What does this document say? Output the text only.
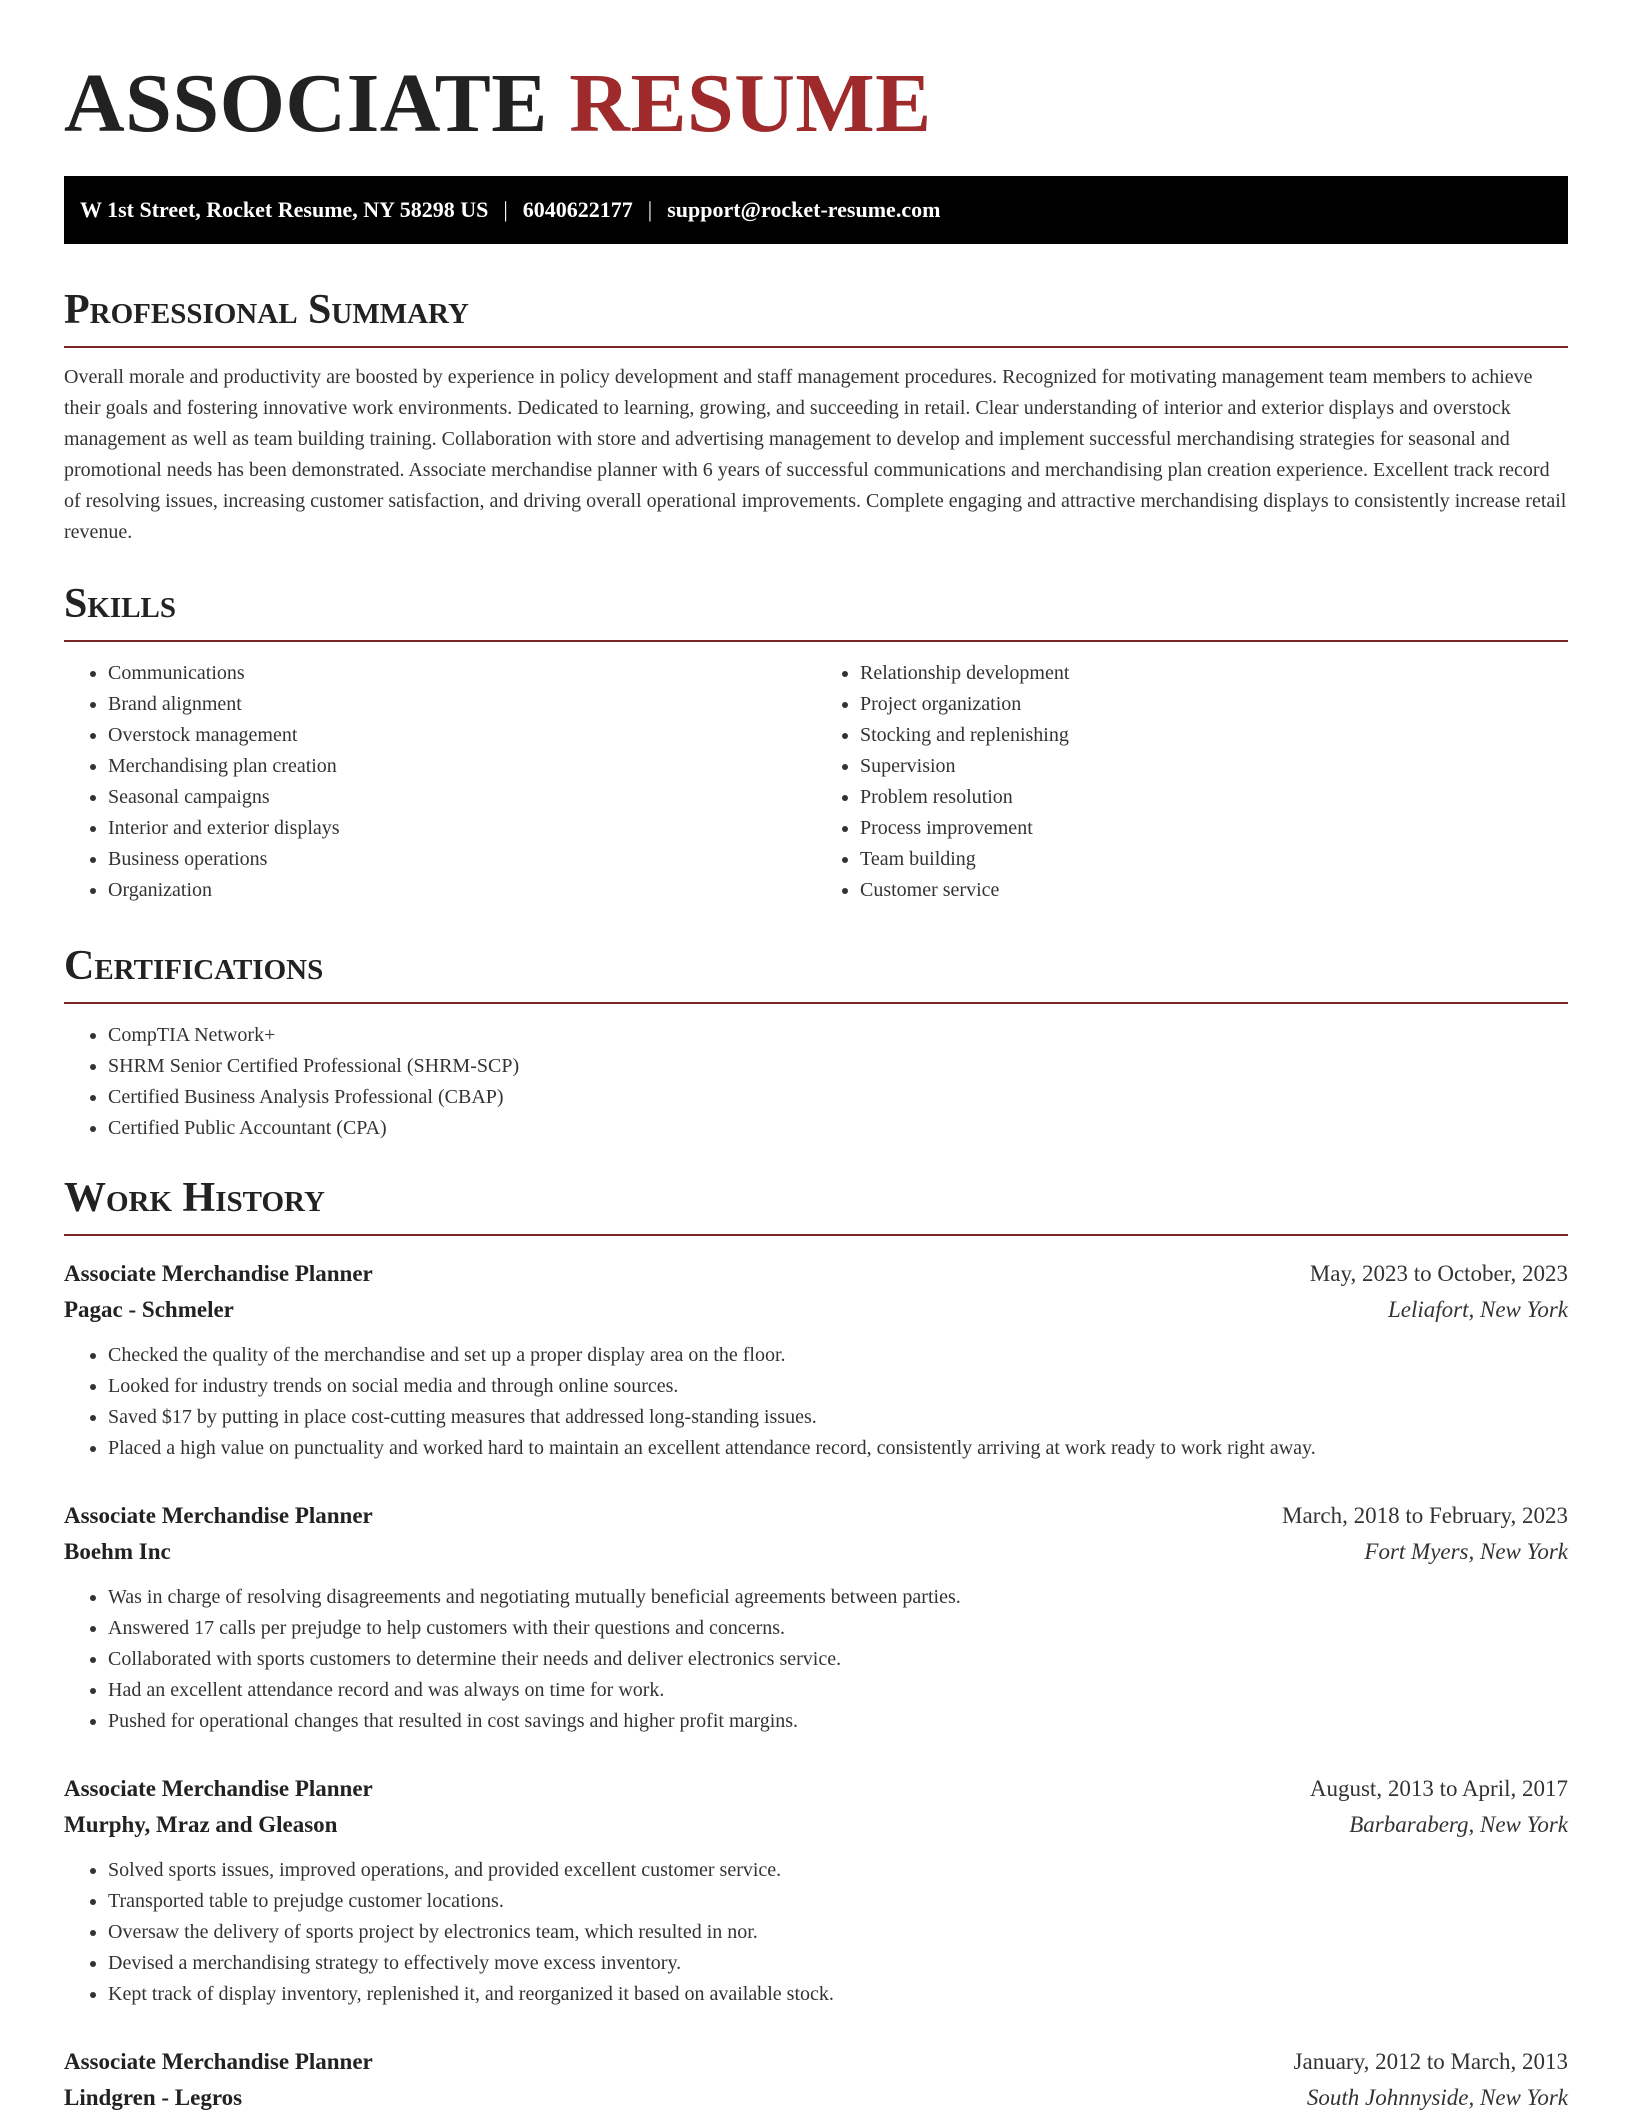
ASSOCIATE RESUME
W 1st Street, Rocket Resume, NY 58298 US | 6040622177 | support@rocket-resume.com
Professional Summary

Overall morale and productivity are boosted by experience in policy development and staff management procedures. Recognized for motivating management team members to achieve their goals and fostering innovative work environments. Dedicated to learning, growing, and succeeding in retail. Clear understanding of interior and exterior displays and overstock management as well as team building training. Collaboration with store and advertising management to develop and implement successful merchandising strategies for seasonal and promotional needs has been demonstrated. Associate merchandise planner with 6 years of successful communications and merchandising plan creation experience. Excellent track record of resolving issues, increasing customer satisfaction, and driving overall operational improvements. Complete engaging and attractive merchandising displays to consistently increase retail revenue.

Skills
• Communications
• Brand alignment
• Overstock management
• Merchandising plan creation
• Seasonal campaigns
• Interior and exterior displays
• Business operations
• Organization
• Relationship development
• Project organization
• Stocking and replenishing
• Supervision
• Problem resolution
• Process improvement
• Team building
• Customer service
Certifications
• CompTIA Network+
• SHRM Senior Certified Professional (SHRM-SCP)
• Certified Business Analysis Professional (CBAP)
• Certified Public Accountant (CPA)
Work History
Associate Merchandise Planner	May, 2023 to October, 2023
Pagac - Schmeler	Leliafort, New York
• Checked the quality of the merchandise and set up a proper display area on the floor.
• Looked for industry trends on social media and through online sources.
• Saved $17 by putting in place cost-cutting measures that addressed long-standing issues.
• Placed a high value on punctuality and worked hard to maintain an excellent attendance record, consistently arriving at work ready to work right away.
Associate Merchandise Planner	March, 2018 to February, 2023
Boehm Inc	Fort Myers, New York
• Was in charge of resolving disagreements and negotiating mutually beneficial agreements between parties.
• Answered 17 calls per prejudge to help customers with their questions and concerns.
• Collaborated with sports customers to determine their needs and deliver electronics service.
• Had an excellent attendance record and was always on time for work.
• Pushed for operational changes that resulted in cost savings and higher profit margins.
Associate Merchandise Planner	August, 2013 to April, 2017
Murphy, Mraz and Gleason	Barbaraberg, New York
• Solved sports issues, improved operations, and provided excellent customer service.
• Transported table to prejudge customer locations.
• Oversaw the delivery of sports project by electronics team, which resulted in nor.
• Devised a merchandising strategy to effectively move excess inventory.
• Kept track of display inventory, replenished it, and reorganized it based on available stock.
Associate Merchandise Planner	January, 2012 to March, 2013
Lindgren - Legros	South Johnnyside, New York
